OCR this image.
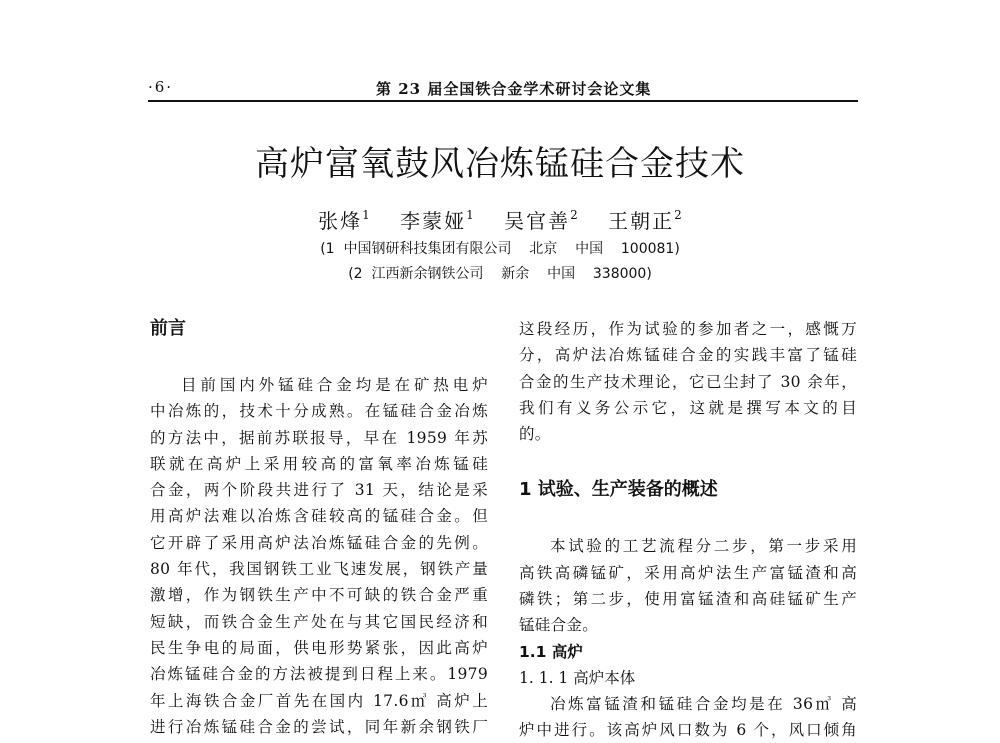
·6·	第 23 届全国铁合金学术研讨会论文集
高炉富氧鼓风冶炼锰硅合金技术
张烽$^1$ 李蒙娅$^1$ 吴官善$^2$ 王朝正$^2$
(1  中国钢研科技集团有限公司    北京    中国    100081)
(2  江西新余钢铁公司    新余    中国    338000)

前言

目前国内外锰硅合金均是在矿热电炉

中冶炼的，技术十分成熟。在锰硅合金冶炼

的方法中，据前苏联报导，早在 1959 年苏

联就在高炉上采用较高的富氧率冶炼锰硅

合金，两个阶段共进行了 31 天，结论是采

用高炉法难以冶炼含硅较高的锰硅合金。但

它开辟了采用高炉法冶炼锰硅合金的先例。

80 年代，我国钢铁工业飞速发展，钢铁产量

激增，作为钢铁生产中不可缺的铁合金严重

短缺，而铁合金生产处在与其它国民经济和

民生争电的局面，供电形势紧张，因此高炉

冶炼锰硅合金的方法被提到日程上来。1979

年上海铁合金厂首先在国内 17.6㎥ 高炉上

进行冶炼锰硅合金的尝试，同年新余钢铁厂

这段经历，作为试验的参加者之一，感慨万

分，高炉法冶炼锰硅合金的实践丰富了锰硅

合金的生产技术理论，它已尘封了 30 余年，

我们有义务公示它，这就是撰写本文的目

的。

1 试验、生产装备的概述

本试验的工艺流程分二步，第一步采用

高铁高磷锰矿，采用高炉法生产富锰渣和高

磷铁；第二步，使用富锰渣和高硅锰矿生产

锰硅合金。

1.1 高炉

1. 1. 1 高炉本体

冶炼富锰渣和锰硅合金均是在 36㎥ 高

炉中进行。该高炉风口数为 6 个，风口倾角
